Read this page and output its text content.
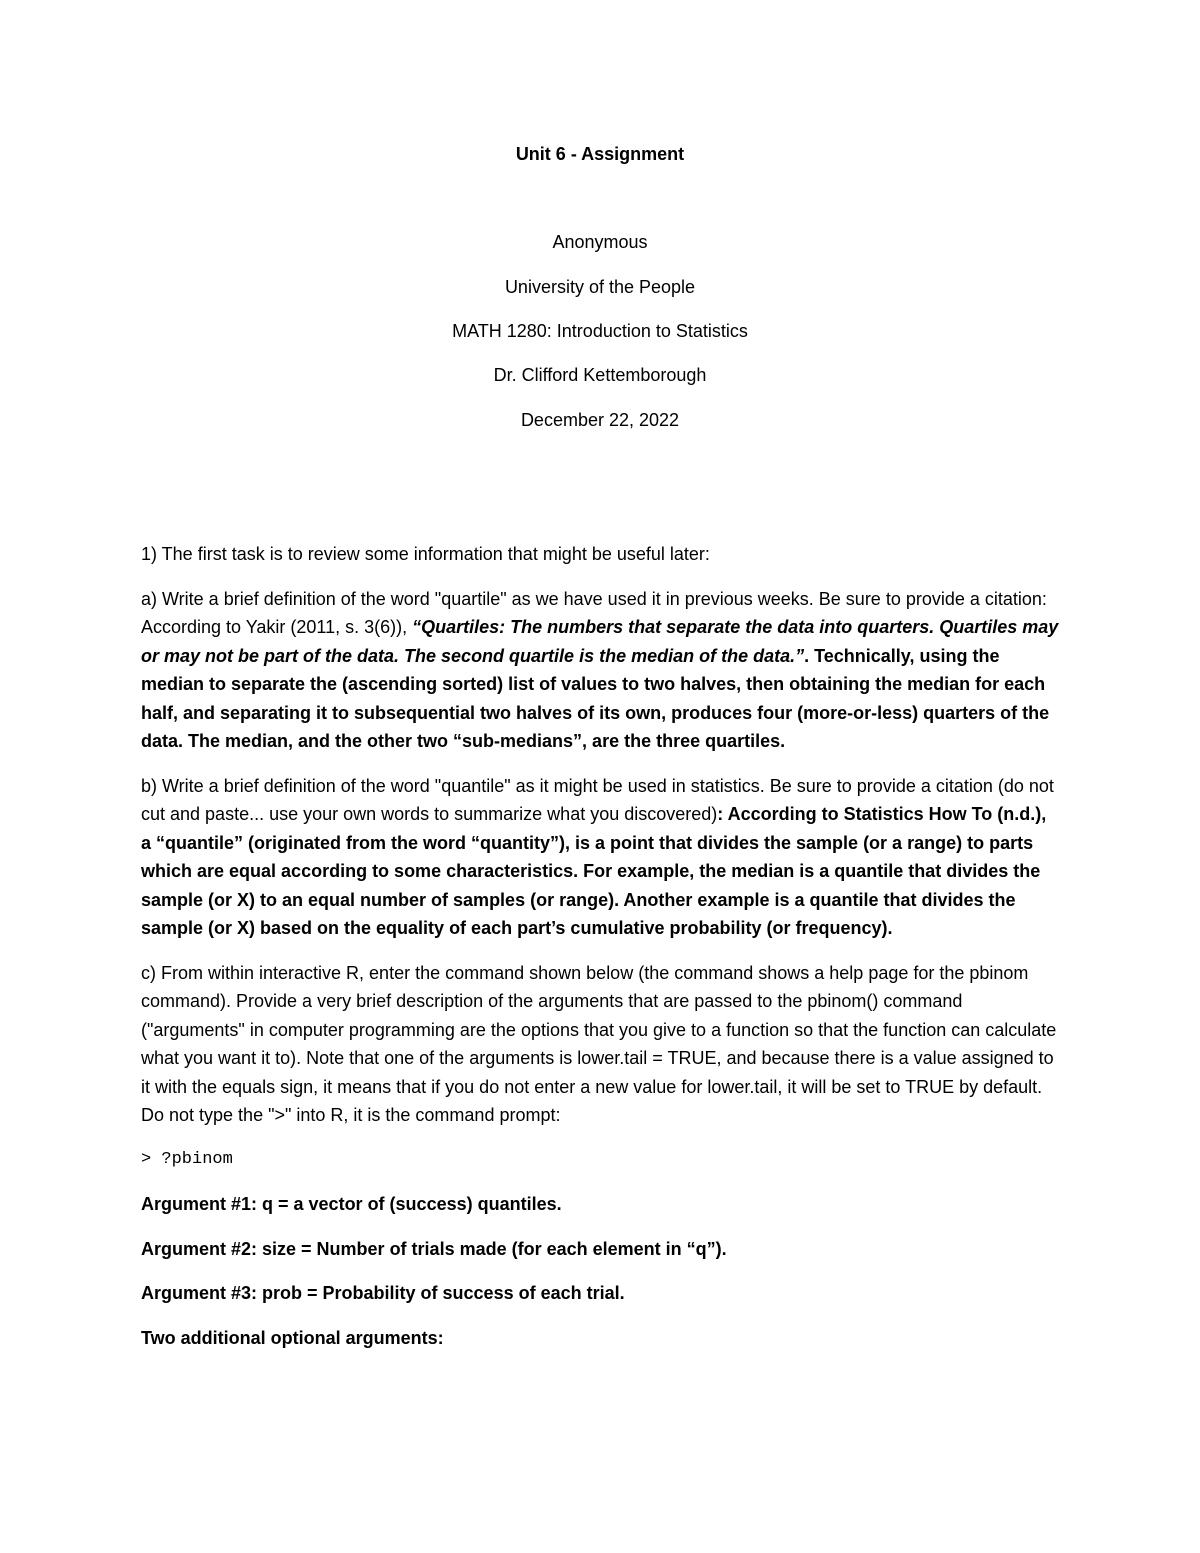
Unit 6 - Assignment
Anonymous
University of the People
MATH 1280: Introduction to Statistics
Dr. Clifford Kettemborough
December 22, 2022

1) The first task is to review some information that might be useful later:

a) Write a brief definition of the word "quartile" as we have used it in previous weeks. Be sure to provide a citation: According to Yakir (2011, s. 3(6)), “Quartiles: The numbers that separate the data into quarters. Quartiles may or may not be part of the data. The second quartile is the median of the data.”. Technically, using the median to separate the (ascending sorted) list of values to two halves, then obtaining the median for each half, and separating it to subsequential two halves of its own, produces four (more-or-less) quarters of the data. The median, and the other two “sub-medians”, are the three quartiles.

b) Write a brief definition of the word "quantile" as it might be used in statistics. Be sure to provide a citation (do not cut and paste... use your own words to summarize what you discovered): According to Statistics How To (n.d.), a “quantile” (originated from the word “quantity”), is a point that divides the sample (or a range) to parts which are equal according to some characteristics. For example, the median is a quantile that divides the sample (or X) to an equal number of samples (or range). Another example is a quantile that divides the sample (or X) based on the equality of each part’s cumulative probability (or frequency).

c) From within interactive R, enter the command shown below (the command shows a help page for the pbinom command). Provide a very brief description of the arguments that are passed to the pbinom() command ("arguments" in computer programming are the options that you give to a function so that the function can calculate what you want it to). Note that one of the arguments is lower.tail = TRUE, and because there is a value assigned to it with the equals sign, it means that if you do not enter a new value for lower.tail, it will be set to TRUE by default. Do not type the ">" into R, it is the command prompt:

> ?pbinom

Argument #1: q = a vector of (success) quantiles.

Argument #2: size = Number of trials made (for each element in “q”).

Argument #3: prob = Probability of success of each trial.

Two additional optional arguments:
